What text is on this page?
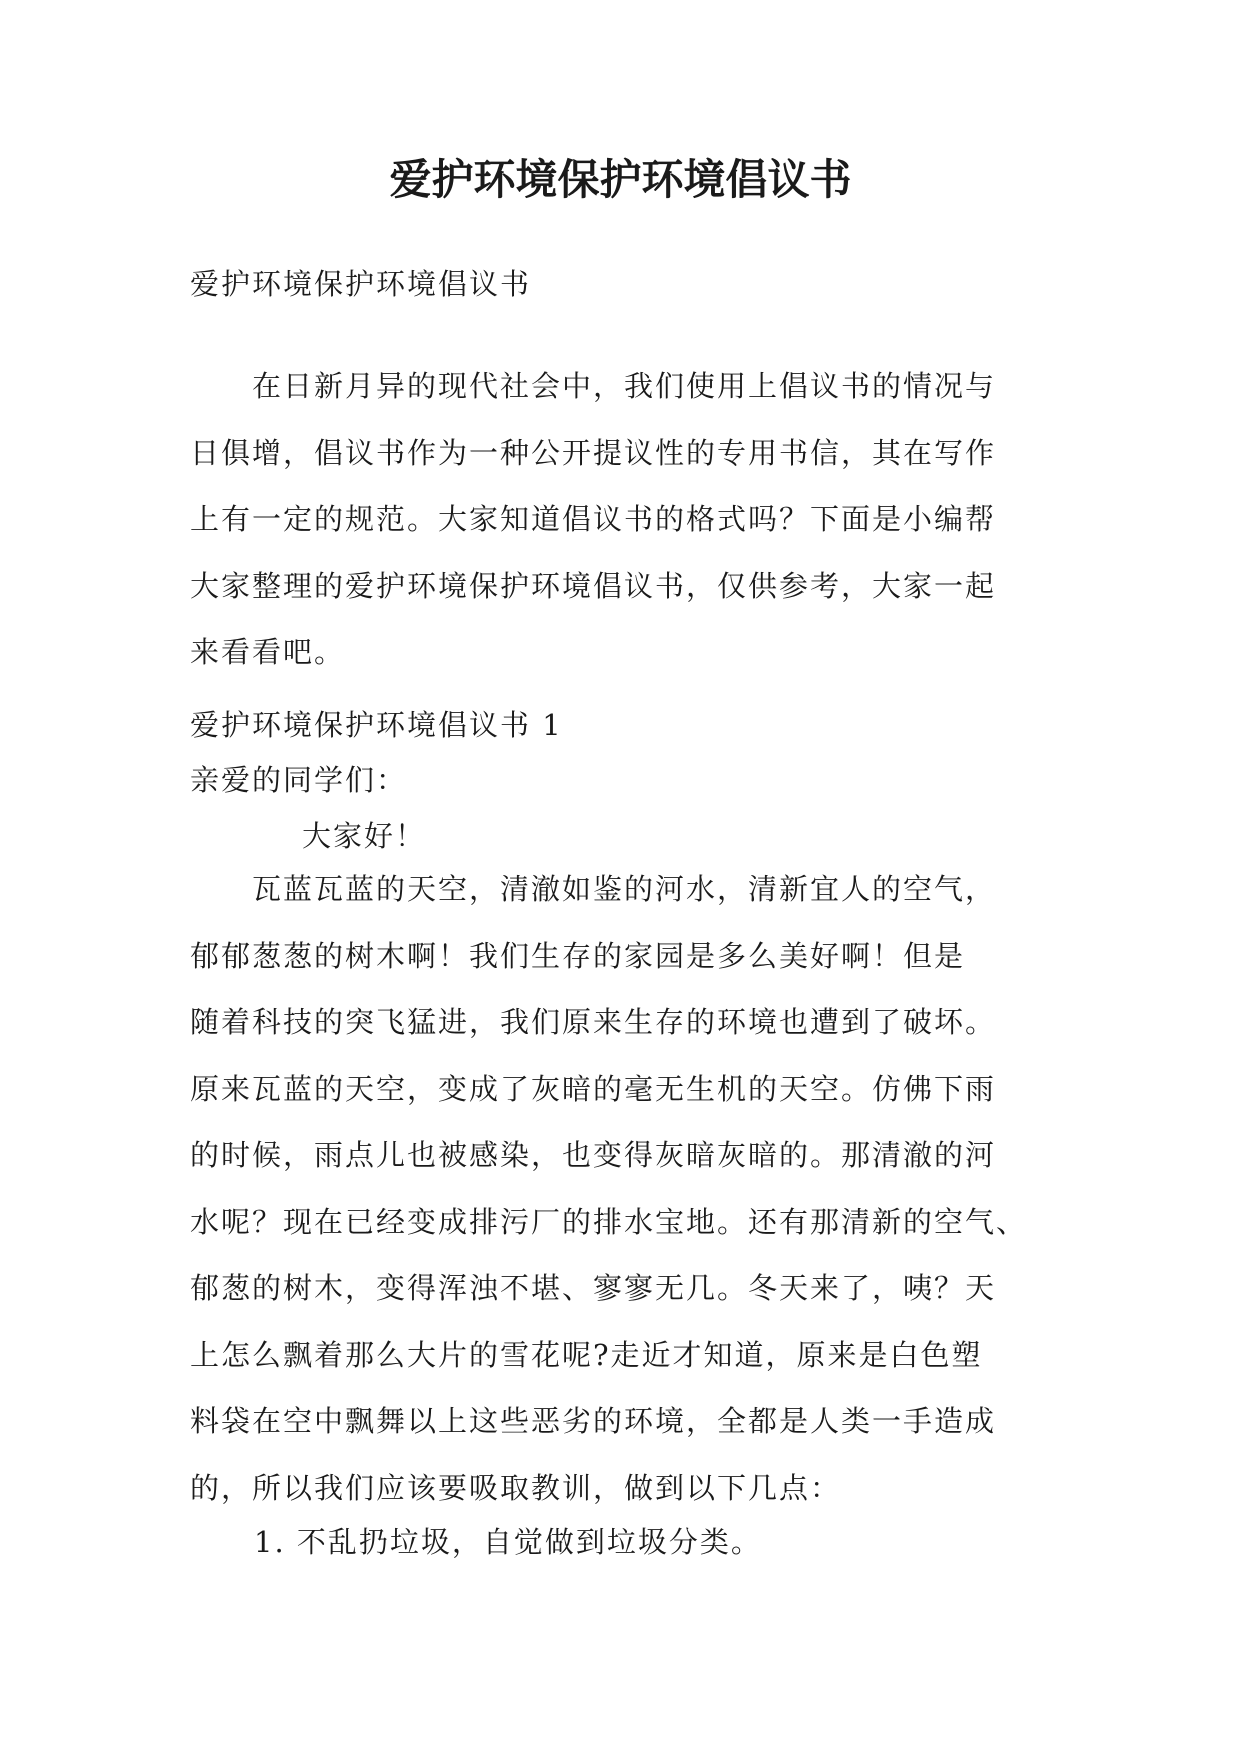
爱护环境保护环境倡议书

爱护环境保护环境倡议书

　　在日新月异的现代社会中，我们使用上倡议书的情况与
日俱增，倡议书作为一种公开提议性的专用书信，其在写作
上有一定的规范。大家知道倡议书的格式吗？下面是小编帮
大家整理的爱护环境保护环境倡议书，仅供参考，大家一起
来看看吧。

爱护环境保护环境倡议书 1

亲爱的同学们：

大家好！

　　瓦蓝瓦蓝的天空，清澈如鉴的河水，清新宜人的空气，
郁郁葱葱的树木啊！我们生存的家园是多么美好啊！但是
随着科技的突飞猛进，我们原来生存的环境也遭到了破坏。
原来瓦蓝的天空，变成了灰暗的毫无生机的天空。仿佛下雨
的时候，雨点儿也被感染，也变得灰暗灰暗的。那清澈的河
水呢？现在已经变成排污厂的排水宝地。还有那清新的空气、
郁葱的树木，变得浑浊不堪、寥寥无几。冬天来了，咦？天
上怎么飘着那么大片的雪花呢?走近才知道，原来是白色塑
料袋在空中飘舞以上这些恶劣的环境，全都是人类一手造成
的，所以我们应该要吸取教训，做到以下几点：

1. 不乱扔垃圾，自觉做到垃圾分类。
